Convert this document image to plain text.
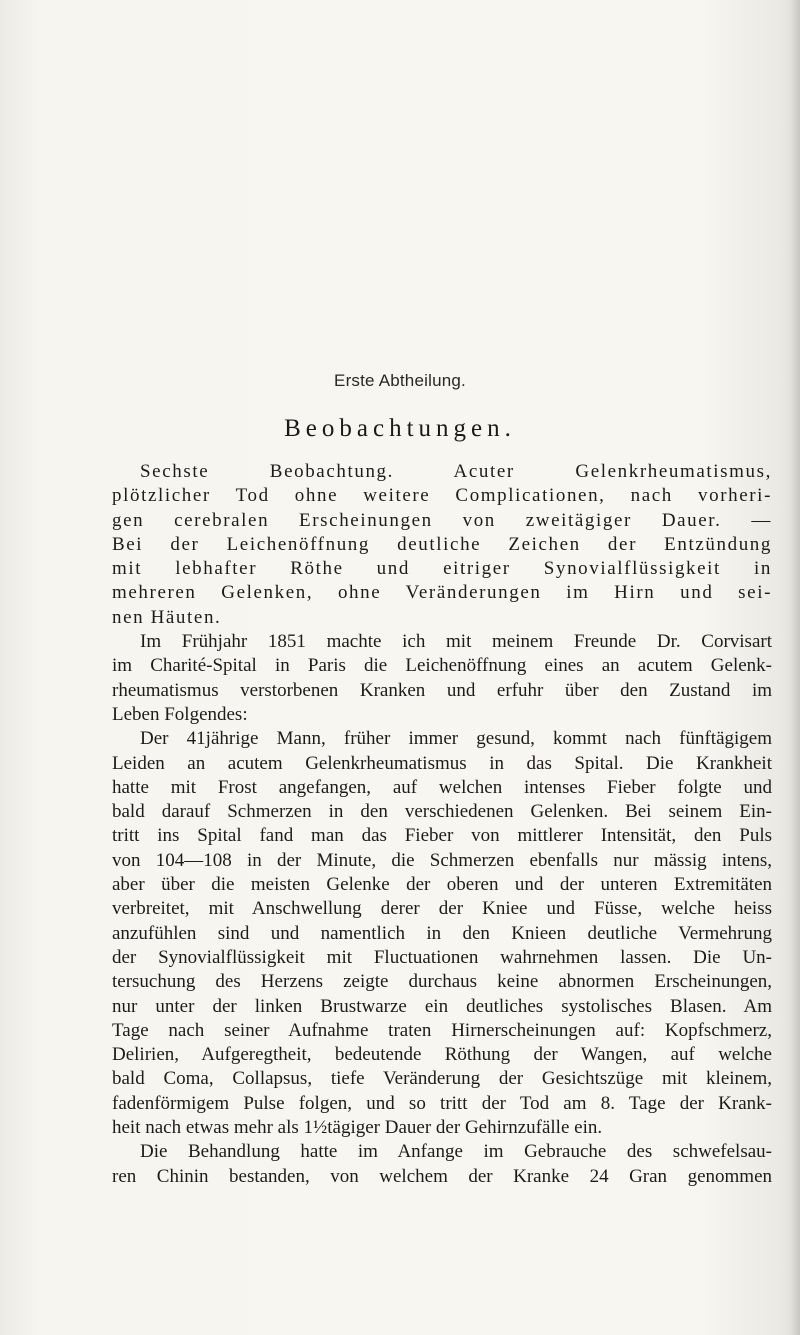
Erste Abtheilung.
Beobachtungen.
Sechste Beobachtung. Acuter Gelenkrheumatismus,
plötzlicher Tod ohne weitere Complicationen, nach vorheri-
gen cerebralen Erscheinungen von zweitägiger Dauer. —
Bei der Leichenöffnung deutliche Zeichen der Entzündung
mit lebhafter Röthe und eitriger Synovialflüssigkeit in
mehreren Gelenken, ohne Veränderungen im Hirn und sei-
nen Häuten.
Im Frühjahr 1851 machte ich mit meinem Freunde Dr. Corvisart
im Charité-Spital in Paris die Leichenöffnung eines an acutem Gelenk-
rheumatismus verstorbenen Kranken und erfuhr über den Zustand im
Leben Folgendes:
Der 41jährige Mann, früher immer gesund, kommt nach fünftägigem
Leiden an acutem Gelenkrheumatismus in das Spital. Die Krankheit
hatte mit Frost angefangen, auf welchen intenses Fieber folgte und
bald darauf Schmerzen in den verschiedenen Gelenken. Bei seinem Ein-
tritt ins Spital fand man das Fieber von mittlerer Intensität, den Puls
von 104—108 in der Minute, die Schmerzen ebenfalls nur mässig intens,
aber über die meisten Gelenke der oberen und der unteren Extremitäten
verbreitet, mit Anschwellung derer der Kniee und Füsse, welche heiss
anzufühlen sind und namentlich in den Knieen deutliche Vermehrung
der Synovialflüssigkeit mit Fluctuationen wahrnehmen lassen. Die Un-
tersuchung des Herzens zeigte durchaus keine abnormen Erscheinungen,
nur unter der linken Brustwarze ein deutliches systolisches Blasen. Am
Tage nach seiner Aufnahme traten Hirnerscheinungen auf: Kopfschmerz,
Delirien, Aufgeregtheit, bedeutende Röthung der Wangen, auf welche
bald Coma, Collapsus, tiefe Veränderung der Gesichtszüge mit kleinem,
fadenförmigem Pulse folgen, und so tritt der Tod am 8. Tage der Krank-
heit nach etwas mehr als 1½tägiger Dauer der Gehirnzufälle ein.
Die Behandlung hatte im Anfange im Gebrauche des schwefelsau-
ren Chinin bestanden, von welchem der Kranke 24 Gran genommen
